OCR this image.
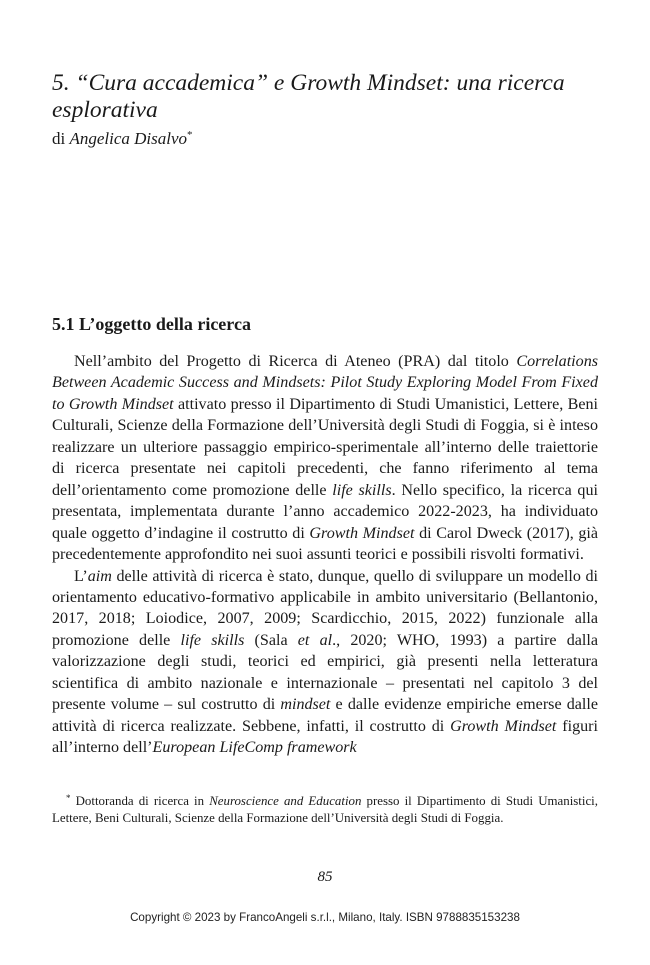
5. “Cura accademica” e Growth Mindset: una ricerca esplorativa
di Angelica Disalvo*
5.1 L’oggetto della ricerca

Nell’ambito del Progetto di Ricerca di Ateneo (PRA) dal titolo Correlations Between Academic Success and Mindsets: Pilot Study Exploring Model From Fixed to Growth Mindset attivato presso il Dipartimento di Studi Umanistici, Lettere, Beni Culturali, Scienze della Formazione dell’Università degli Studi di Foggia, si è inteso realizzare un ulteriore passaggio empirico-sperimentale all’interno delle traiettorie di ricerca presentate nei capitoli precedenti, che fanno riferimento al tema dell’orientamento come promozione delle life skills. Nello specifico, la ricerca qui presentata, implementata durante l’anno accademico 2022-2023, ha individuato quale oggetto d’indagine il costrutto di Growth Mindset di Carol Dweck (2017), già precedentemente approfondito nei suoi assunti teorici e possibili risvolti formativi.

L’aim delle attività di ricerca è stato, dunque, quello di sviluppare un modello di orientamento educativo-formativo applicabile in ambito universitario (Bellantonio, 2017, 2018; Loiodice, 2007, 2009; Scardicchio, 2015, 2022) funzionale alla promozione delle life skills (Sala et al., 2020; WHO, 1993) a partire dalla valorizzazione degli studi, teorici ed empirici, già presenti nella letteratura scientifica di ambito nazionale e internazionale – presentati nel capitolo 3 del presente volume – sul costrutto di mindset e dalle evidenze empiriche emerse dalle attività di ricerca realizzate. Sebbene, infatti, il costrutto di Growth Mindset figuri all’interno dell’European LifeComp framework

* Dottoranda di ricerca in Neuroscience and Education presso il Dipartimento di Studi Umanistici, Lettere, Beni Culturali, Scienze della Formazione dell’Università degli Studi di Foggia.

85
Copyright © 2023 by FrancoAngeli s.r.l., Milano, Italy. ISBN 9788835153238
